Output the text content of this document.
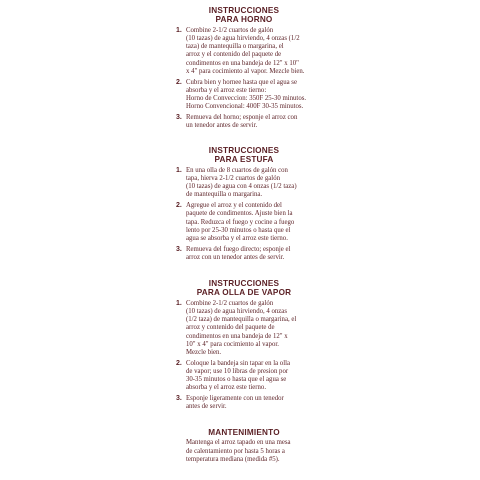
INSTRUCCIONES
PARA HORNO
1. Combine 2-1/2 cuartos de galón
(10 tazas) de agua hirviendo, 4 onzas (1/2
taza) de mantequilla o margarina, el
arroz y el contenido del paquete de
condimentos en una bandeja de 12" x 10"
x 4" para cocimiento al vapor. Mezcle bien.
2. Cubra bien y hornee hasta que el agua se
absorba y el arroz este tierno:
Horno de Conveccion: 350F 25-30 minutos.
Horno Convencional: 400F 30-35 minutos.
3. Remueva del horno; esponje el arroz con
un tenedor antes de servir.
INSTRUCCIONES
PARA ESTUFA
1. En una olla de 8 cuartos de galón con
tapa, hierva 2-1/2 cuartos de galón
(10 tazas) de agua con 4 onzas (1/2 taza)
de mantequilla o margarina.
2. Agregue el arroz y el contenido del
paquete de condimentos. Ajuste bien la
tapa. Reduzca el fuego y cocine a fuego
lento por 25-30 minutos o hasta que el
agua se absorba y el arroz este tierno.
3. Remueva del fuego directo; esponje el
arroz con un tenedor antes de servir.
INSTRUCCIONES
PARA OLLA DE VAPOR
1. Combine 2-1/2 cuartos de galón
(10 tazas) de agua hirviendo, 4 onzas
(1/2 taza) de mantequilla o margarina, el
arroz y contenido del paquete de
condimentos en una bandeja de 12" x
10" x 4" para cocimiento al vapor.
Mezcle bien.
2. Coloque la bandeja sin tapar en la olla
de vapor; use 10 libras de presion por
30-35 minutos o hasta que el agua se
absorba y el arroz este tierno.
3. Esponje ligeramente con un tenedor
antes de servir.
MANTENIMIENTO
Mantenga el arroz tapado en una mesa
de calentamiento por hasta 5 horas a
temperatura mediana (medida #5).
